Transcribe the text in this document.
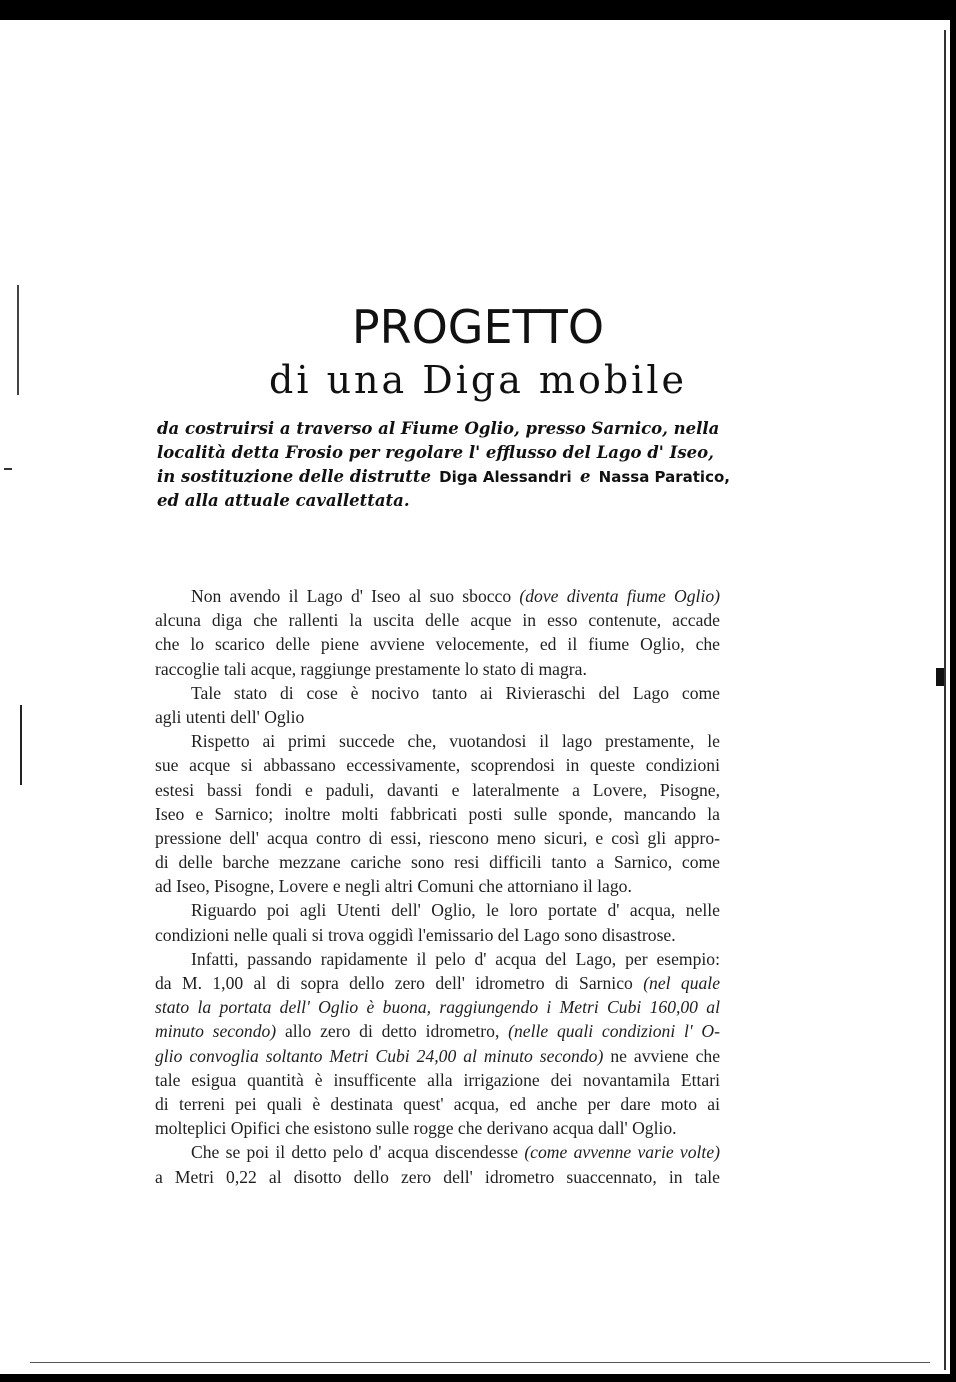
PROGETTO
di una Diga mobile
da costruirsi a traverso al Fiume Oglio, presso Sarnico, nella
località detta Frosio per regolare l' efflusso del Lago d' Iseo,
in sostituzione delle distrutte Diga Alessandri e Nassa Paratico,
ed alla attuale cavallettata.
Non avendo il Lago d' Iseo al suo sbocco (dove diventa fiume Oglio)
alcuna diga che rallenti la uscita delle acque in esso contenute, accade
che lo scarico delle piene avviene velocemente, ed il fiume Oglio, che
raccoglie tali acque, raggiunge prestamente lo stato di magra.
Tale stato di cose è nocivo tanto ai Rivieraschi del Lago come
agli utenti dell' Oglio
Rispetto ai primi succede che, vuotandosi il lago prestamente, le
sue acque si abbassano eccessivamente, scoprendosi in queste condizioni
estesi bassi fondi e paduli, davanti e lateralmente a Lovere, Pisogne,
Iseo e Sarnico; inoltre molti fabbricati posti sulle sponde, mancando la
pressione dell' acqua contro di essi, riescono meno sicuri, e così gli appro-
di delle barche mezzane cariche sono resi difficili tanto a Sarnico, come
ad Iseo, Pisogne, Lovere e negli altri Comuni che attorniano il lago.
Riguardo poi agli Utenti dell' Oglio, le loro portate d' acqua, nelle
condizioni nelle quali si trova oggidì l'emissario del Lago sono disastrose.
Infatti, passando rapidamente il pelo d' acqua del Lago, per esempio:
da M. 1,00 al di sopra dello zero dell' idrometro di Sarnico (nel quale
stato la portata dell' Oglio è buona, raggiungendo i Metri Cubi 160,00 al
minuto secondo) allo zero di detto idrometro, (nelle quali condizioni l' O-
glio convoglia soltanto Metri Cubi 24,00 al minuto secondo) ne avviene che
tale esigua quantità è insufficente alla irrigazione dei novantamila Ettari
di terreni pei quali è destinata quest' acqua, ed anche per dare moto ai
molteplici Opifici che esistono sulle rogge che derivano acqua dall' Oglio.
Che se poi il detto pelo d' acqua discendesse (come avvenne varie volte)
a Metri 0,22 al disotto dello zero dell' idrometro suaccennato, in tale
